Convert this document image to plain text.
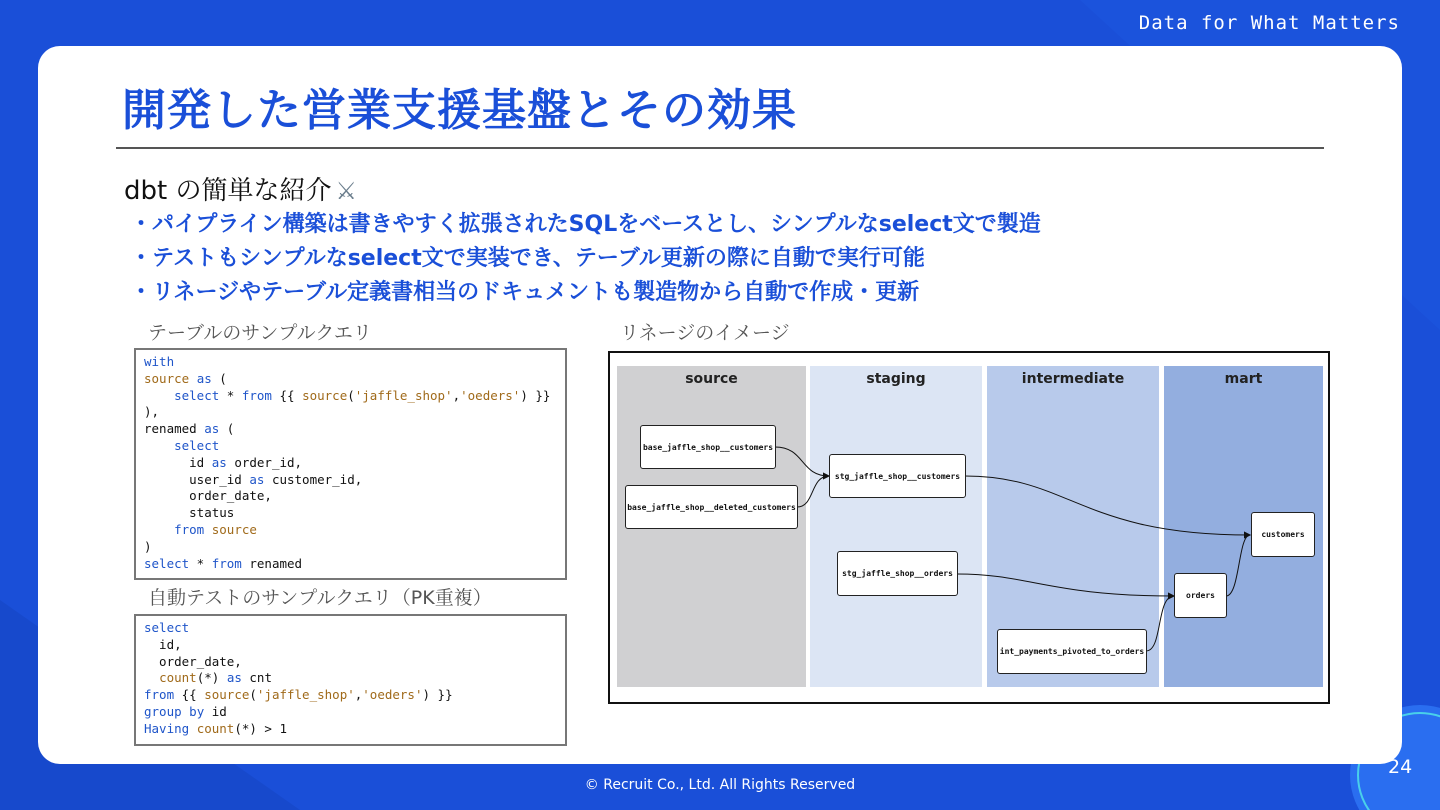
Data for What Matters
開発した営業支援基盤とその効果
dbt の簡単な紹介 ⚔
・パイプライン構築は書きやすく拡張されたSQLをベースとし、シンプルなselect文で製造
・テストもシンプルなselect文で実装でき、テーブル更新の際に自動で実行可能
・リネージやテーブル定義書相当のドキュメントも製造物から自動で作成・更新
テーブルのサンプルクエリ
with
source as (
select * from {{ source('jaffle_shop','oeders') }}
),
renamed as (
select
id as order_id,
user_id as customer_id,
order_date,
status
from source
)
select * from renamed
自動テストのサンプルクエリ（PK重複）
select
id,
order_date,
count(*) as cnt
from {{ source('jaffle_shop','oeders') }}
group by id
Having count(*) > 1
リネージのイメージ
source	staging	intermediate	mart
base_jaffle_shop__customers
base_jaffle_shop__deleted_customers
stg_jaffle_shop__customers
stg_jaffle_shop__orders
int_payments_pivoted_to_orders
orders
customers
24
© Recruit Co., Ltd. All Rights Reserved
